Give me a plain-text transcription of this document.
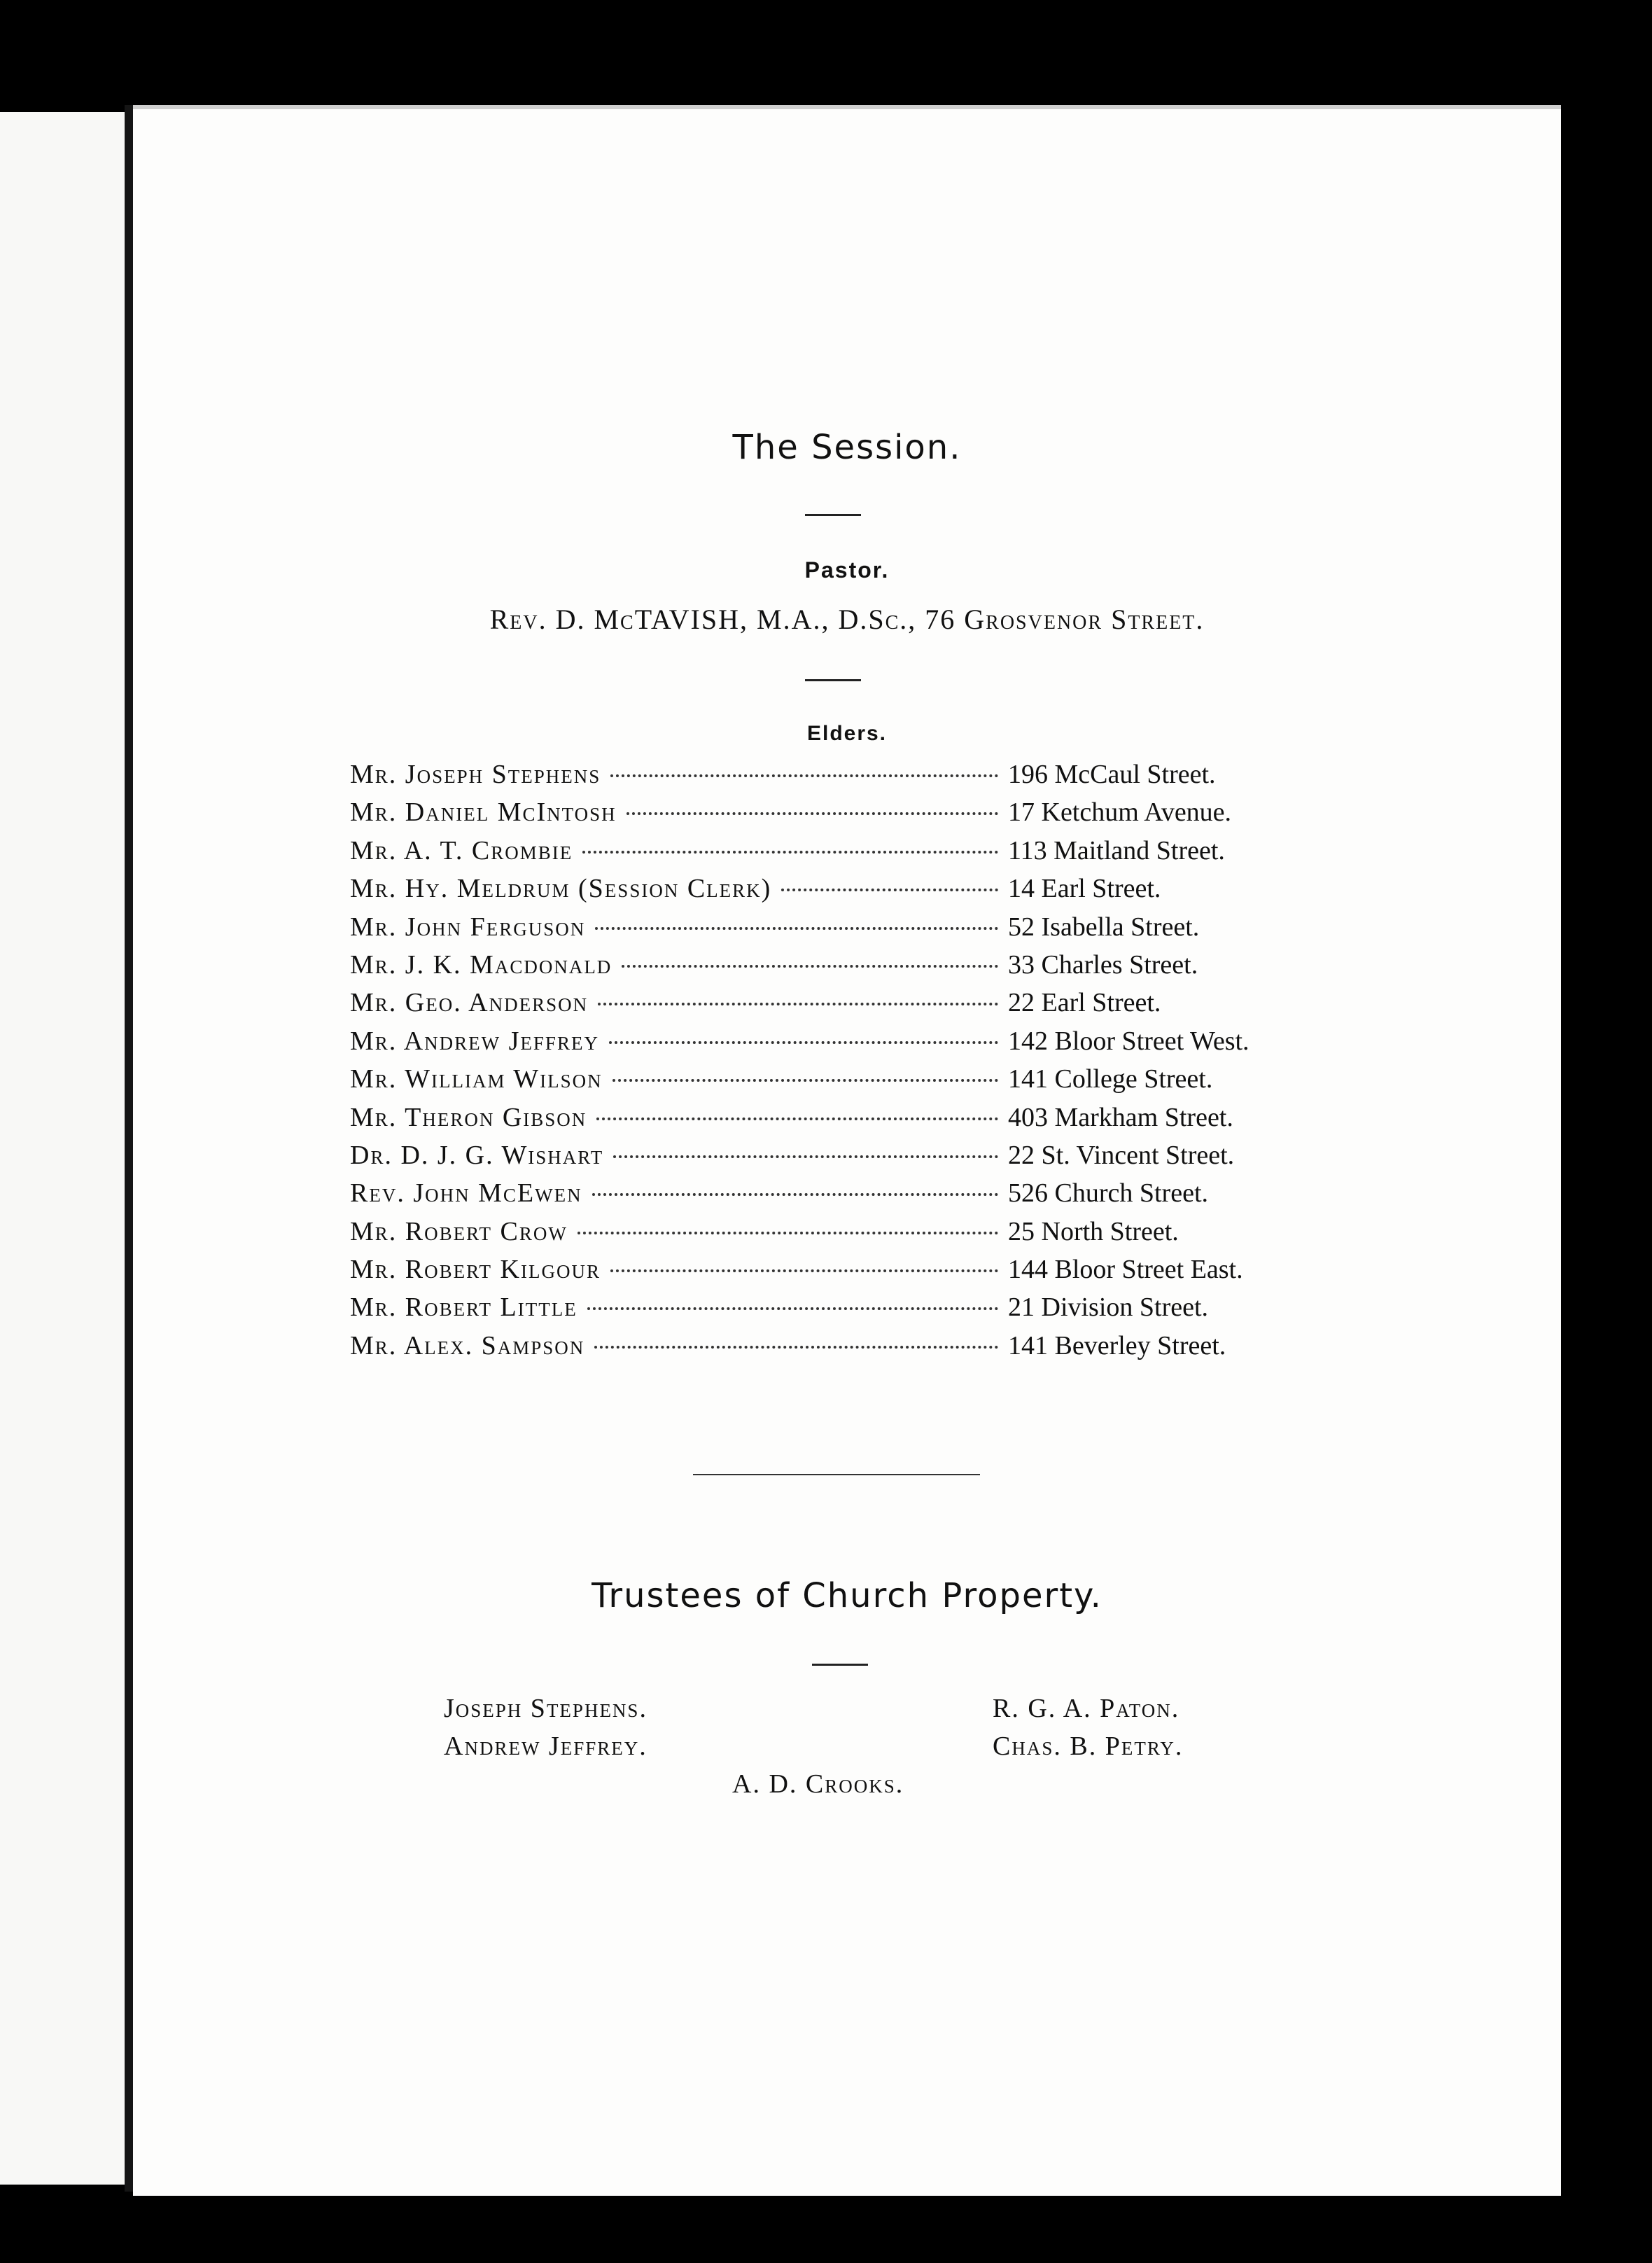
The Session.
Pastor.
Rev. D. McTAVISH, M.A., D.Sc., 76 Grosvenor Street.
Elders.
Mr. Joseph Stephens	196 McCaul Street.
Mr. Daniel McIntosh	17 Ketchum Avenue.
Mr. A. T. Crombie	113 Maitland Street.
Mr. Hy. Meldrum (Session Clerk)	14 Earl Street.
Mr. John Ferguson	52 Isabella Street.
Mr. J. K. Macdonald	33 Charles Street.
Mr. Geo. Anderson	22 Earl Street.
Mr. Andrew Jeffrey	142 Bloor Street West.
Mr. William Wilson	141 College Street.
Mr. Theron Gibson	403 Markham Street.
Dr. D. J. G. Wishart	22 St. Vincent Street.
Rev. John McEwen	526 Church Street.
Mr. Robert Crow	25 North Street.
Mr. Robert Kilgour	144 Bloor Street East.
Mr. Robert Little	21 Division Street.
Mr. Alex. Sampson	141 Beverley Street.
Trustees of Church Property.
Joseph Stephens.	R. G. A. Paton.
Andrew Jeffrey.	Chas. B. Petry.
A. D. Crooks.
